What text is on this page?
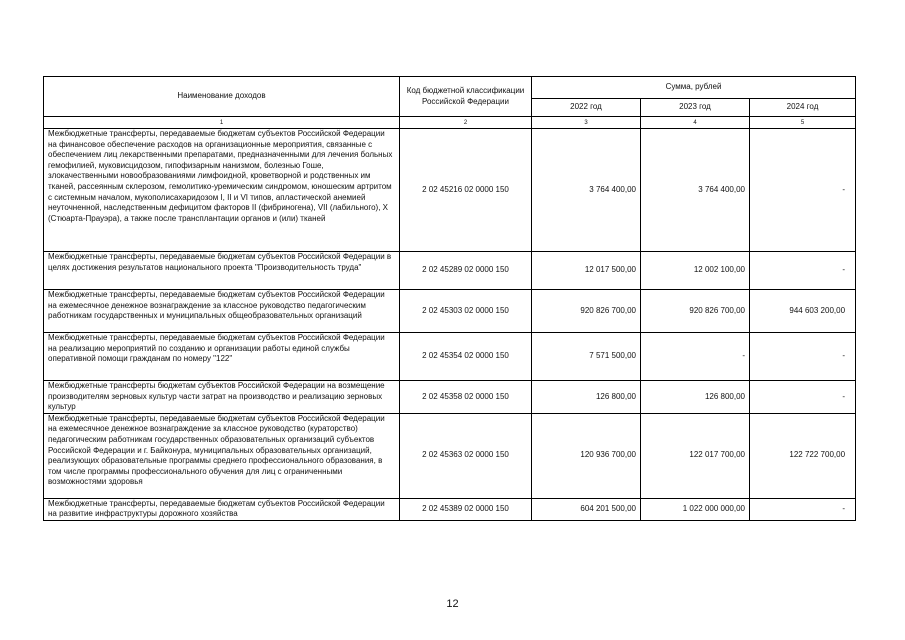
Наименование доходов	Код бюджетной классификации Российской Федерации	Сумма, рублей		
		2022 год	2023 год	2024 год
1	2	3	4	5
Межбюджетные трансферты, передаваемые бюджетам субъектов Российской Федерации на финансовое обеспечение расходов на организационные мероприятия, связанные с обеспечением лиц лекарственными препаратами, предназначенными для лечения больных гемофилией, муковисцидозом, гипофизарным нанизмом, болезнью Гоше, злокачественными новообразованиями лимфоидной, кроветворной и родственных им тканей, рассеянным склерозом, гемолитико-уремическим синдромом, юношеским артритом с системным началом, мукополисахаридозом I, II и VI типов, апластической анемией неуточненной, наследственным дефицитом факторов II (фибриногена), VII (лабильного), X (Стюарта-Прауэра), а также после трансплантации органов и (или) тканей	2 02 45216 02 0000 150	3 764 400,00	3 764 400,00	-
Межбюджетные трансферты, передаваемые бюджетам субъектов Российской Федерации в целях достижения результатов национального проекта "Производительность труда"	2 02 45289 02 0000 150	12 017 500,00	12 002 100,00	-
Межбюджетные трансферты, передаваемые бюджетам субъектов Российской Федерации на ежемесячное денежное вознаграждение за классное руководство педагогическим работникам государственных и муниципальных общеобразовательных организаций	2 02 45303 02 0000 150	920 826 700,00	920 826 700,00	944 603 200,00
Межбюджетные трансферты, передаваемые бюджетам субъектов Российской Федерации на реализацию мероприятий по созданию и организации работы единой службы оперативной помощи гражданам по номеру "122"	2 02 45354 02 0000 150	7 571 500,00	-	-
Межбюджетные трансферты бюджетам субъектов Российской Федерации на возмещение производителям зерновых культур части затрат на производство и реализацию зерновых культур	2 02 45358 02 0000 150	126 800,00	126 800,00	-
Межбюджетные трансферты, передаваемые бюджетам субъектов Российской Федерации на ежемесячное денежное вознаграждение за классное руководство (кураторство) педагогическим работникам государственных образовательных организаций субъектов Российской Федерации и г. Байконура, муниципальных образовательных организаций, реализующих образовательные программы среднего профессионального образования, в том числе программы профессионального обучения для лиц с ограниченными возможностями здоровья	2 02 45363 02 0000 150	120 936 700,00	122 017 700,00	122 722 700,00
Межбюджетные трансферты, передаваемые бюджетам субъектов Российской Федерации на развитие инфраструктуры дорожного хозяйства	2 02 45389 02 0000 150	604 201 500,00	1 022 000 000,00	-
12
